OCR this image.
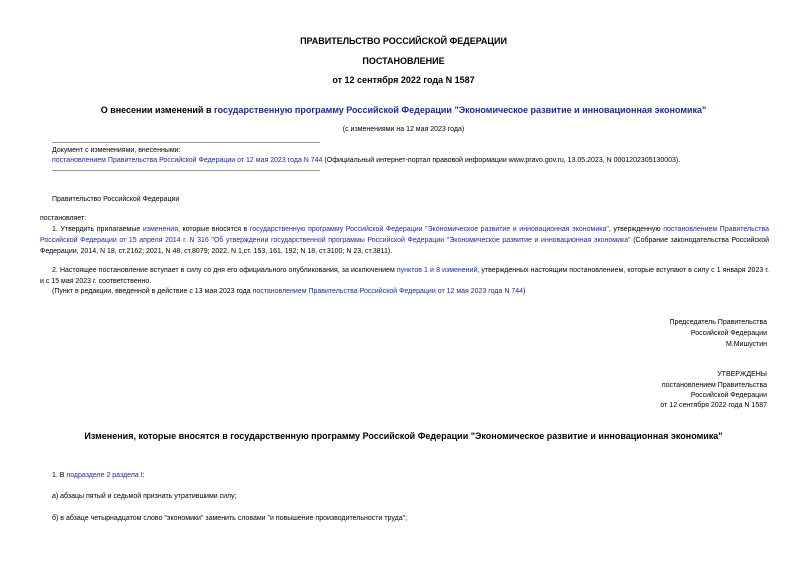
ПРАВИТЕЛЬСТВО РОССИЙСКОЙ ФЕДЕРАЦИИ
ПОСТАНОВЛЕНИЕ
от 12 сентября 2022 года N 1587
О внесении изменений в государственную программу Российской Федерации "Экономическое развитие и инновационная экономика"
(с изменениями на 12 мая 2023 года)
Документ с изменениями, внесенными:
постановлением Правительства Российской Федерации от 12 мая 2023 года N 744 (Официальный интернет-портал правовой информации www.pravo.gov.ru, 13.05.2023, N 0001202305130003).
Правительство Российской Федерации
постановляет:
1. Утвердить прилагаемые изменения, которые вносятся в государственную программу Российской Федерации "Экономическое развитие и инновационная экономика", утвержденную постановлением Правительства Российской Федерации от 15 апреля 2014 г. N 316 "Об утверждении государственной программы Российской Федерации "Экономическое развитие и инновационная экономика" (Собрание законодательства Российской Федерации, 2014, N 18, ст.2162; 2021, N 48, ст.8079; 2022, N 1,ст. 153, 161, 192; N 18, ст.3100; N 23, ст.3811).
2. Настоящее постановление вступает в силу со дня его официального опубликования, за исключением пунктов 1 и 8 изменений, утвержденных настоящим постановлением, которые вступают в силу с 1 января 2023 г. и с 15 мая 2023 г. соответственно.
(Пункт в редакции, введенной в действие с 13 мая 2023 года постановлением Правительства Российской Федерации от 12 мая 2023 года N 744)
Председатель Правительства
Российской Федерации
М.Мишустин
УТВЕРЖДЕНЫ
постановлением Правительства
Российской Федерации
от 12 сентября 2022 года N 1587
Изменения, которые вносятся в государственную программу Российской Федерации "Экономическое развитие и инновационная экономика"
1. В подразделе 2 раздела I:
а) абзацы пятый и седьмой признать утратившими силу;
б) в абзаце четырнадцатом слово "экономики" заменить словами "и повышение производительности труда";
